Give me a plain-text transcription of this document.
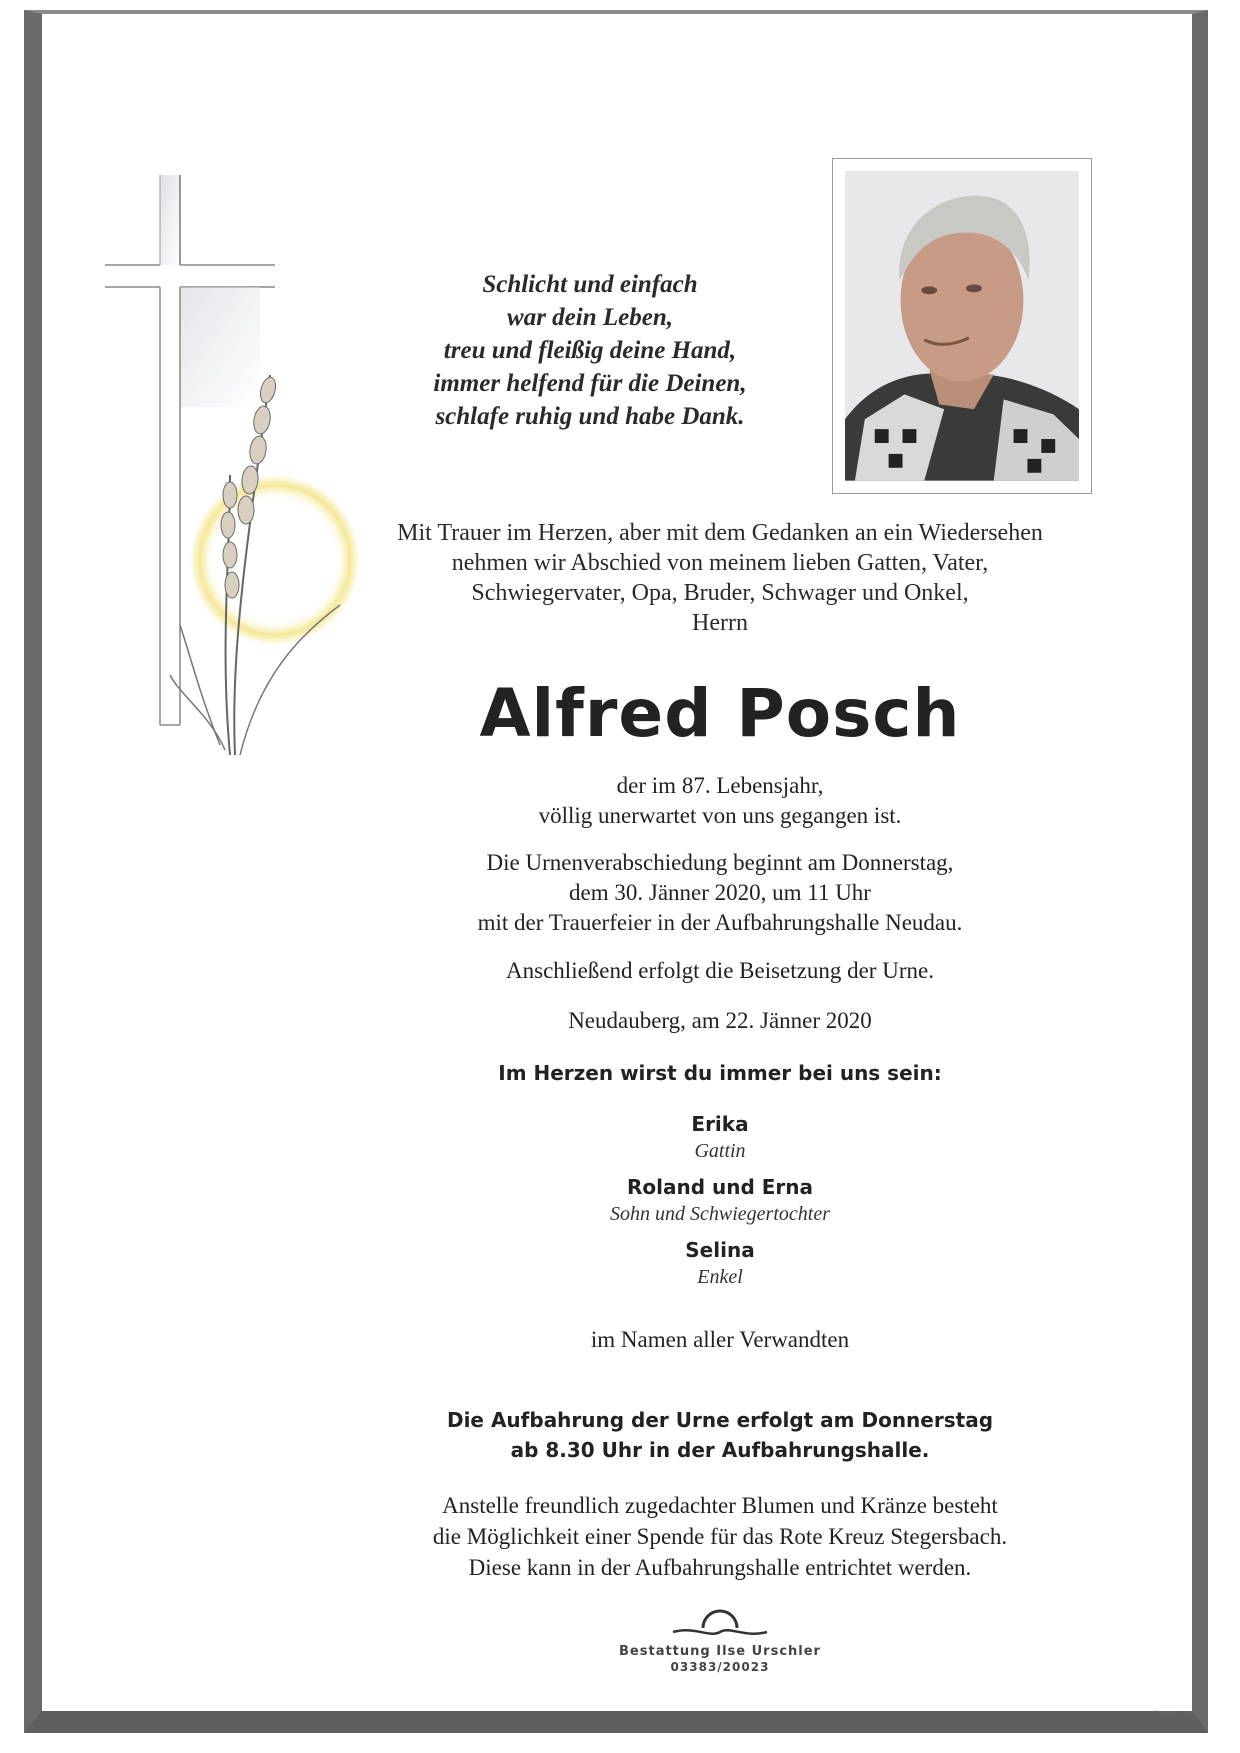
Schlicht und einfach
war dein Leben,
treu und fleißig deine Hand,
immer helfend für die Deinen,
schlafe ruhig und habe Dank.
Mit Trauer im Herzen, aber mit dem Gedanken an ein Wiedersehen
nehmen wir Abschied von meinem lieben Gatten, Vater,
Schwiegervater, Opa, Bruder, Schwager und Onkel,
Herrn
Alfred Posch
der im 87. Lebensjahr,
völlig unerwartet von uns gegangen ist.
Die Urnenverabschiedung beginnt am Donnerstag,
dem 30. Jänner 2020, um 11 Uhr
mit der Trauerfeier in der Aufbahrungshalle Neudau.
Anschließend erfolgt die Beisetzung der Urne.
Neudauberg, am 22. Jänner 2020
Im Herzen wirst du immer bei uns sein:
Erika
Gattin
Roland und Erna
Sohn und Schwiegertochter
Selina
Enkel
im Namen aller Verwandten
Die Aufbahrung der Urne erfolgt am Donnerstag
ab 8.30 Uhr in der Aufbahrungshalle.
Anstelle freundlich zugedachter Blumen und Kränze besteht
die Möglichkeit einer Spende für das Rote Kreuz Stegersbach.
Diese kann in der Aufbahrungshalle entrichtet werden.
Bestattung Ilse Urschler
03383/20023
© PBM 89004
